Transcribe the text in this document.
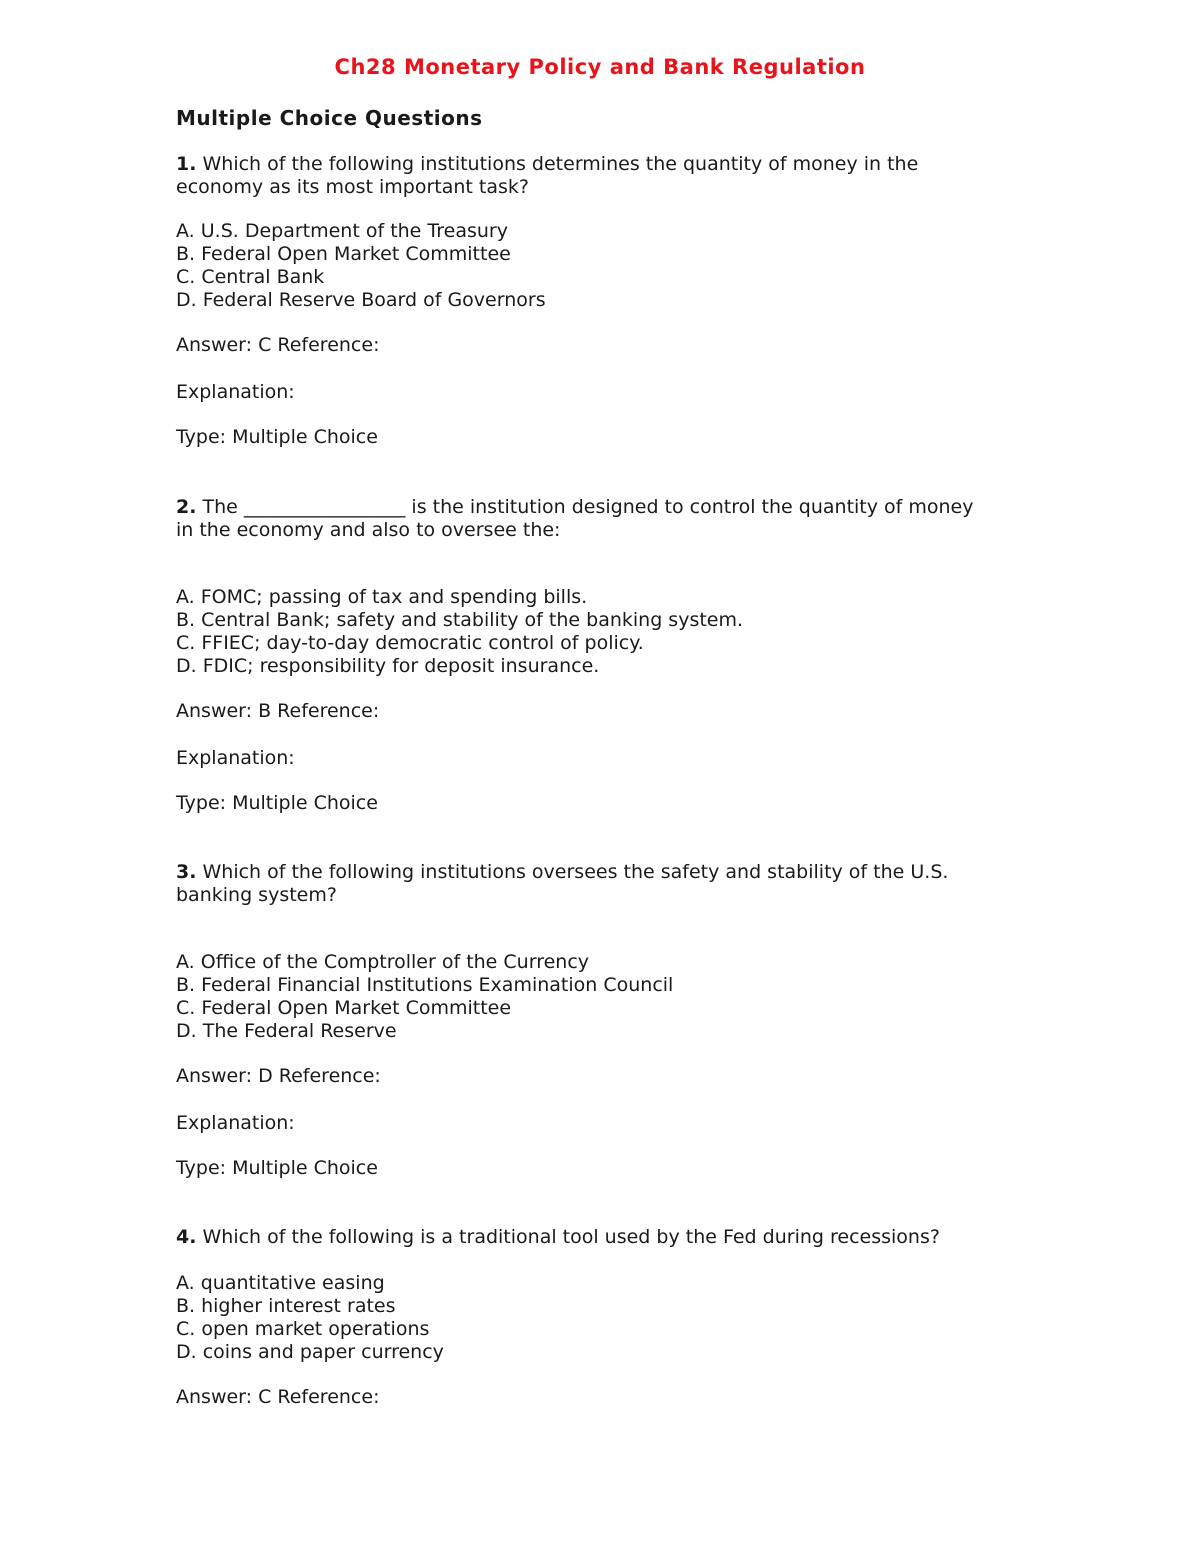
Ch28 Monetary Policy and Bank Regulation
Multiple Choice Questions

1. Which of the following institutions determines the quantity of money in the
economy as its most important task?

A. U.S. Department of the Treasury
B. Federal Open Market Committee
C. Central Bank
D. Federal Reserve Board of Governors

Answer: C Reference:

Explanation:

Type: Multiple Choice

2. The _________________ is the institution designed to control the quantity of money
in the economy and also to oversee the:

A. FOMC; passing of tax and spending bills.
B. Central Bank; safety and stability of the banking system.
C. FFIEC; day-to-day democratic control of policy.
D. FDIC; responsibility for deposit insurance.

Answer: B Reference:

Explanation:

Type: Multiple Choice

3. Which of the following institutions oversees the safety and stability of the U.S.
banking system?

A. Office of the Comptroller of the Currency
B. Federal Financial Institutions Examination Council
C. Federal Open Market Committee
D. The Federal Reserve

Answer: D Reference:

Explanation:

Type: Multiple Choice

4. Which of the following is a traditional tool used by the Fed during recessions?

A. quantitative easing
B. higher interest rates
C. open market operations
D. coins and paper currency

Answer: C Reference:
